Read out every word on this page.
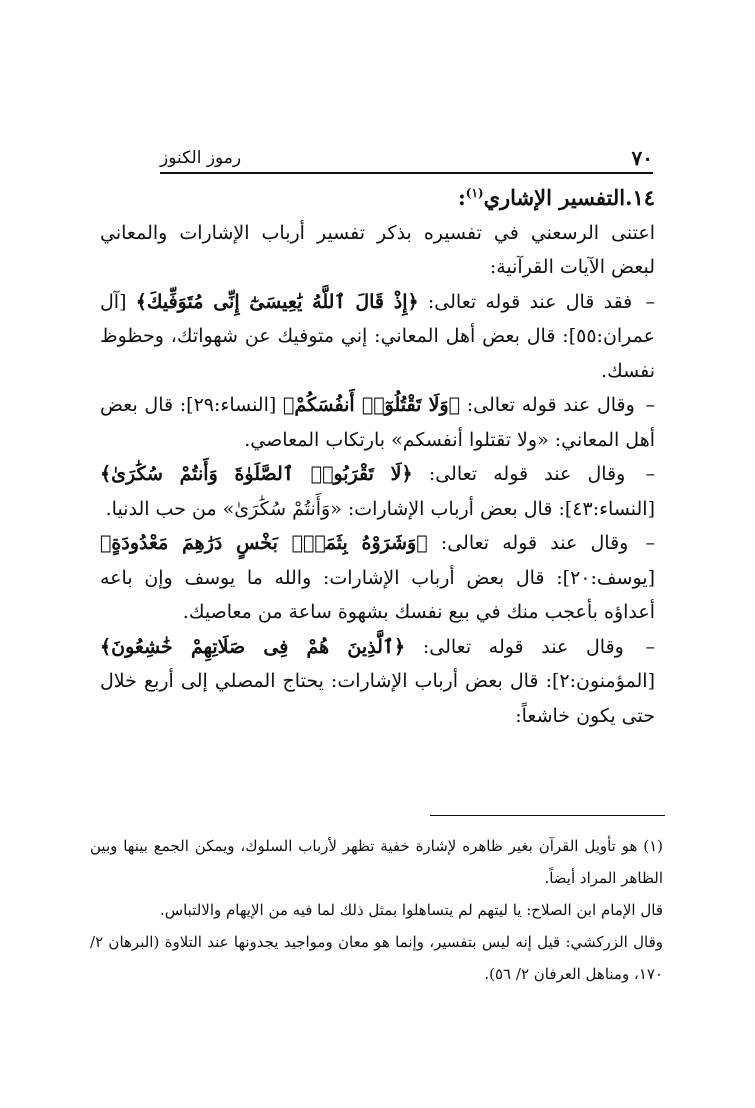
٧٠
رموز الكنوز

١٤.التفسير الإشاري$^{(١)}$:

اعتنى الرسعني في تفسيره بذكر تفسير أرباب الإشارات والمعاني لبعض الآيات القرآنية:

– فقد قال عند قوله تعالى: ﴿إِذْ قَالَ ٱللَّهُ يَٰعِيسَىٰٓ إِنِّى مُتَوَفِّيكَ﴾ [آل عمران:٥٥]: قال بعض أهل المعاني: إني متوفيك عن شهواتك، وحظوظ نفسك.

– وقال عند قوله تعالى: ﴿وَلَا تَقْتُلُوٓا۟ أَنفُسَكُمْ﴾ [النساء:٢٩]: قال بعض أهل المعاني: «ولا تقتلوا أنفسكم» بارتكاب المعاصي.

– وقال عند قوله تعالى: ﴿لَا تَقْرَبُوا۟ ٱلصَّلَوٰةَ وَأَنتُمْ سُكَٰرَىٰ﴾ [النساء:٤٣]: قال بعض أرباب الإشارات: «وَأَنتُمْ سُكَٰرَىٰ» من حب الدنيا.

– وقال عند قوله تعالى: ﴿وَشَرَوْهُ بِثَمَنٍۭ بَخْسٍ دَرَٰهِمَ مَعْدُودَةٍ﴾ [يوسف:٢٠]: قال بعض أرباب الإشارات: والله ما يوسف وإن باعه أعداؤه بأعجب منك في بيع نفسك بشهوة ساعة من معاصيك.

– وقال عند قوله تعالى: ﴿ٱلَّذِينَ هُمْ فِى صَلَاتِهِمْ خَٰشِعُونَ﴾ [المؤمنون:٢]: قال بعض أرباب الإشارات: يحتاج المصلي إلى أربع خلال حتى يكون خاشعاً:

(١) هو تأويل القرآن بغير ظاهره لإشارة خفية تظهر لأرباب السلوك، ويمكن الجمع بينها وبين الظاهر المراد أيضاً.

قال الإمام ابن الصلاح: يا ليتهم لم يتساهلوا بمثل ذلك لما فيه من الإيهام والالتباس.

وقال الزركشي: قيل إنه ليس بتفسير، وإنما هو معان ومواجيد يجدونها عند التلاوة (البرهان ٢/ ١٧٠، ومناهل العرفان ٢/ ٥٦).
